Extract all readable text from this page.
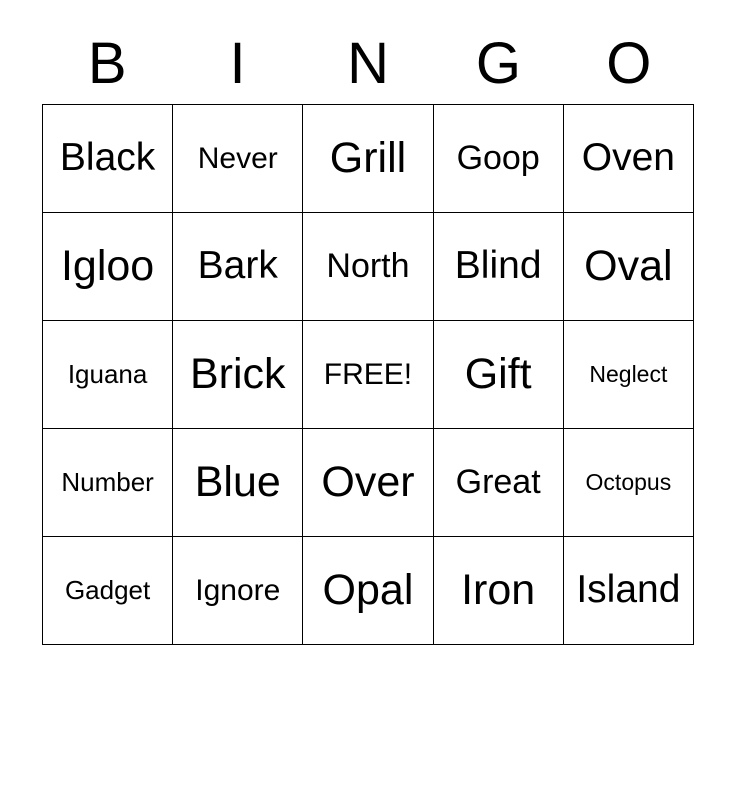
B	I	N	G	O
Black	Never	Grill	Goop	Oven

Igloo	Bark	North	Blind	Oval

Iguana	Brick	FREE!	Gift	Neglect

Number	Blue	Over	Great	Octopus

Gadget	Ignore	Opal	Iron	Island
